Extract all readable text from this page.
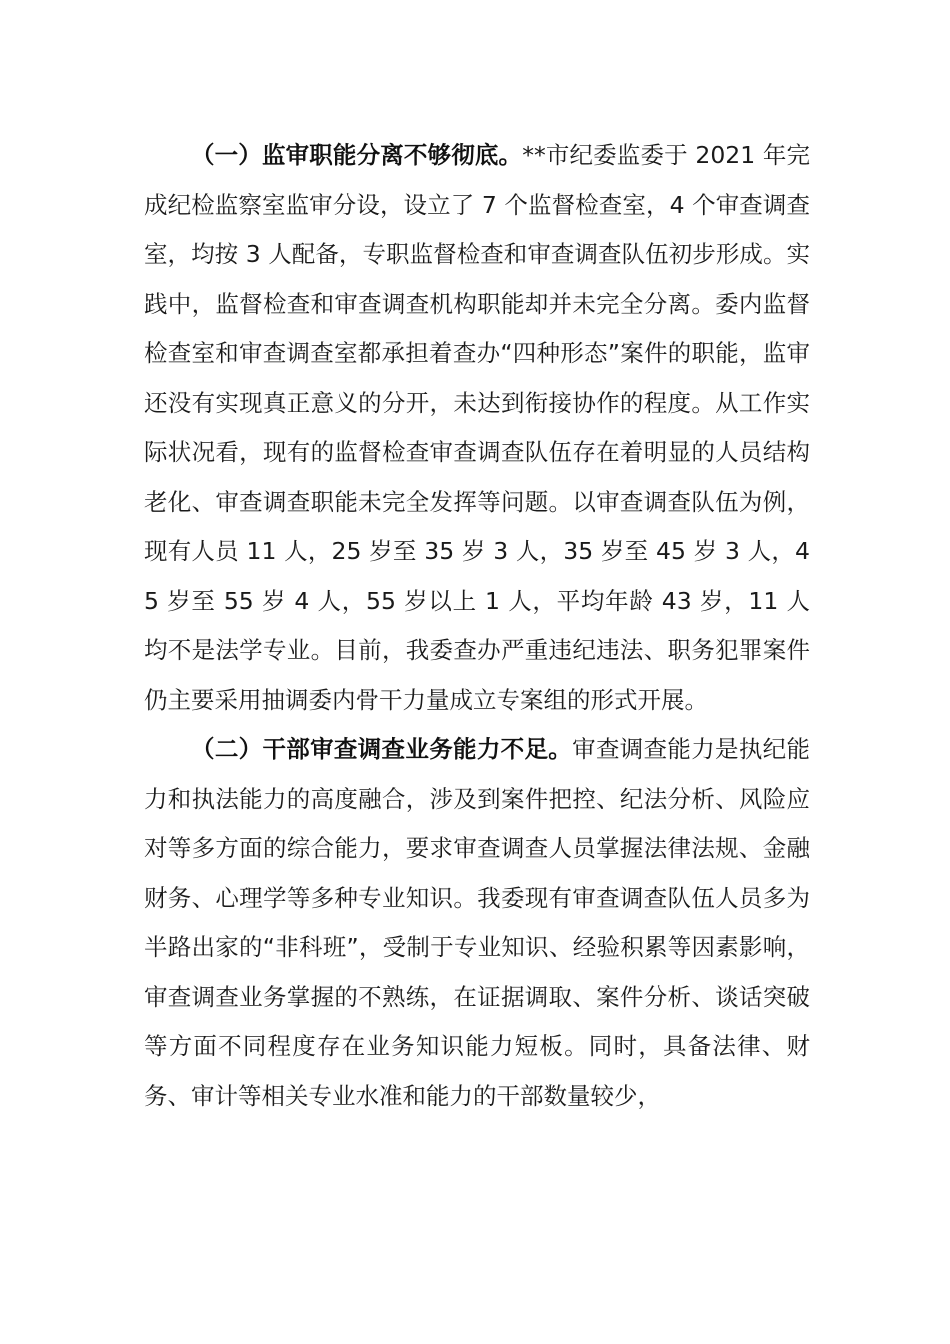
（一）监审职能分离不够彻底。**市纪委监委于 2021 年完成纪检监察室监审分设，设立了 7 个监督检查室，4 个审查调查室，均按 3 人配备，专职监督检查和审查调查队伍初步形成。实践中，监督检查和审查调查机构职能却并未完全分离。委内监督检查室和审查调查室都承担着查办“四种形态”案件的职能，监审还没有实现真正意义的分开，未达到衔接协作的程度。从工作实际状况看，现有的监督检查审查调查队伍存在着明显的人员结构老化、审查调查职能未完全发挥等问题。以审查调查队伍为例，现有人员 11 人，25 岁至 35 岁 3 人，35 岁至 45 岁 3 人，45 岁至 55 岁 4 人，55 岁以上 1 人，平均年龄 43 岁，11 人均不是法学专业。目前，我委查办严重违纪违法、职务犯罪案件仍主要采用抽调委内骨干力量成立专案组的形式开展。

（二）干部审查调查业务能力不足。审查调查能力是执纪能力和执法能力的高度融合，涉及到案件把控、纪法分析、风险应对等多方面的综合能力，要求审查调查人员掌握法律法规、金融财务、心理学等多种专业知识。我委现有审查调查队伍人员多为半路出家的“非科班”，受制于专业知识、经验积累等因素影响，审查调查业务掌握的不熟练，在证据调取、案件分析、谈话突破等方面不同程度存在业务知识能力短板。同时，具备法律、财务、审计等相关专业水准和能力的干部数量较少，
